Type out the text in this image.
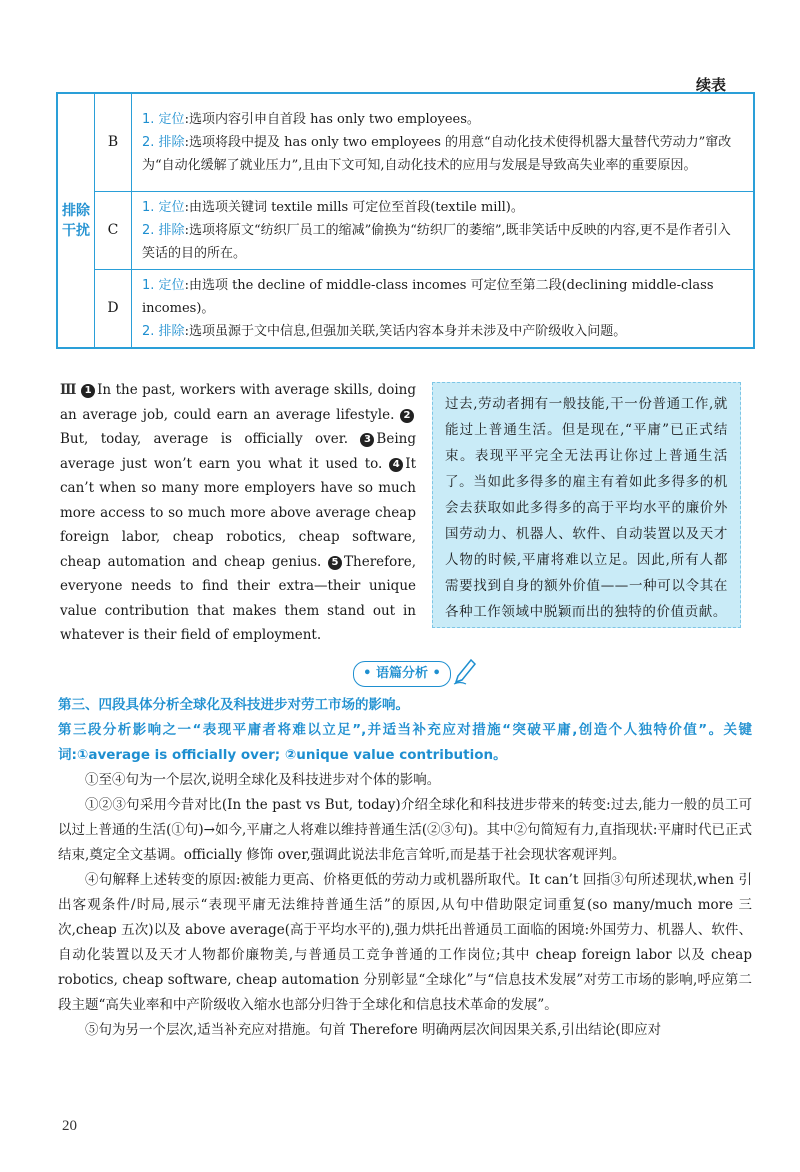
续表
排除干扰	B	1. 定位:选项内容引申自首段 has only two employees。

2. 排除:选项将段中提及 has only two employees 的用意“自动化技术使得机器大量替代劳动力”窜改为“自动化缓解了就业压力”,且由下文可知,自动化技术的应用与发展是导致高失业率的重要原因。

	C	1. 定位:由选项关键词 textile mills 可定位至首段(textile mill)。

2. 排除:选项将原文“纺织厂员工的缩减”偷换为“纺织厂的萎缩”,既非笑话中反映的内容,更不是作者引入笑话的目的所在。

	D	1. 定位:由选项 the decline of middle-class incomes 可定位至第二段(declining middle-class incomes)。

2. 排除:选项虽源于文中信息,但强加关联,笑话内容本身并未涉及中产阶级收入问题。

Ⅲ 1 In the past, workers with average skills, doing an average job, could earn an average lifestyle. 2But, today, average is officially over. 3 Being average just won’t earn you what it used to. 4 It can’t when so many more employers have so much more access to so much more above average cheap foreign labor, cheap robotics, cheap software, cheap automation and cheap genius. 5 Therefore, everyone needs to find their extra—their unique value contribution that makes them stand out in whatever is their field of employment.

过去,劳动者拥有一般技能,干一份普通工作,就能过上普通生活。但是现在,“平庸”已正式结束。表现平平完全无法再让你过上普通生活了。当如此多得多的雇主有着如此多得多的机会去获取如此多得多的高于平均水平的廉价外国劳动力、机器人、软件、自动装置以及天才人物的时候,平庸将难以立足。因此,所有人都需要找到自身的额外价值——一种可以令其在各种工作领域中脱颖而出的独特的价值贡献。
• 语篇分析 •

第三、四段具体分析全球化及科技进步对劳工市场的影响。

第三段分析影响之一“表现平庸者将难以立足”,并适当补充应对措施“突破平庸,创造个人独特价值”。关键词:①average is officially over; ②unique value contribution。

①至④句为一个层次,说明全球化及科技进步对个体的影响。

①②③句采用今昔对比(In the past vs But, today)介绍全球化和科技进步带来的转变:过去,能力一般的员工可以过上普通的生活(①句)→如今,平庸之人将难以维持普通生活(②③句)。其中②句简短有力,直指现状:平庸时代已正式结束,奠定全文基调。officially 修饰 over,强调此说法非危言耸听,而是基于社会现状客观评判。

④句解释上述转变的原因:被能力更高、价格更低的劳动力或机器所取代。It can’t 回指③句所述现状,when 引出客观条件/时局,展示“表现平庸无法维持普通生活”的原因,从句中借助限定词重复(so many/much more 三次,cheap 五次)以及 above average(高于平均水平的),强力烘托出普通员工面临的困境:外国劳力、机器人、软件、自动化装置以及天才人物都价廉物美,与普通员工竞争普通的工作岗位;其中 cheap foreign labor 以及 cheap robotics, cheap software, cheap automation 分别彰显“全球化”与“信息技术发展”对劳工市场的影响,呼应第二段主题“高失业率和中产阶级收入缩水也部分归咎于全球化和信息技术革命的发展”。

⑤句为另一个层次,适当补充应对措施。句首 Therefore 明确两层次间因果关系,引出结论(即应对

20
